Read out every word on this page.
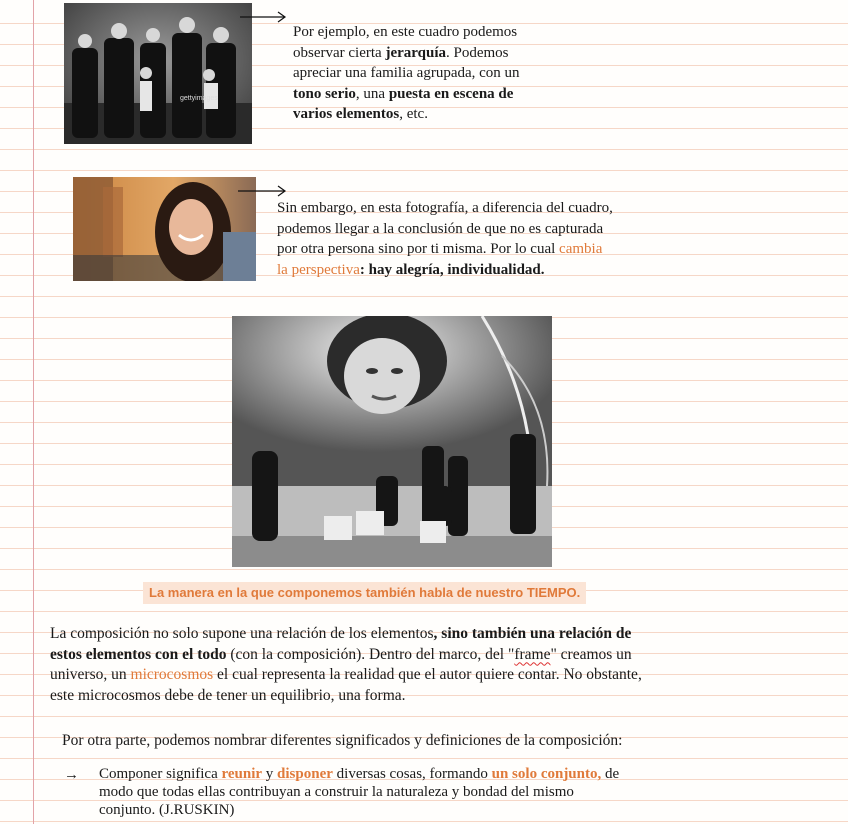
gettyimages
Por ejemplo, en este cuadro podemos
observar cierta jerarquía. Podemos
apreciar una familia agrupada, con un
tono serio, una puesta en escena de
varios elementos, etc.
Sin embargo, en esta fotografía, a diferencia del cuadro,
podemos llegar a la conclusión de que no es capturada
por otra persona sino por ti misma. Por lo cual cambia
la perspectiva: hay alegría, individualidad.
La manera en la que componemos también habla de nuestro TIEMPO.
La composición no solo supone una relación de los elementos, sino también una relación de
estos elementos con el todo (con la composición). Dentro del marco, del "frame" creamos un
universo, un microcosmos el cual representa la realidad que el autor quiere contar. No obstante,
este microcosmos debe de tener un equilibrio, una forma.
Por otra parte, podemos nombrar diferentes significados y definiciones de la composición:
→ Componer significa reunir y disponer diversas cosas, formando un solo conjunto, de
modo que todas ellas contribuyan a construir la naturaleza y bondad del mismo
conjunto. (J.RUSKIN)
